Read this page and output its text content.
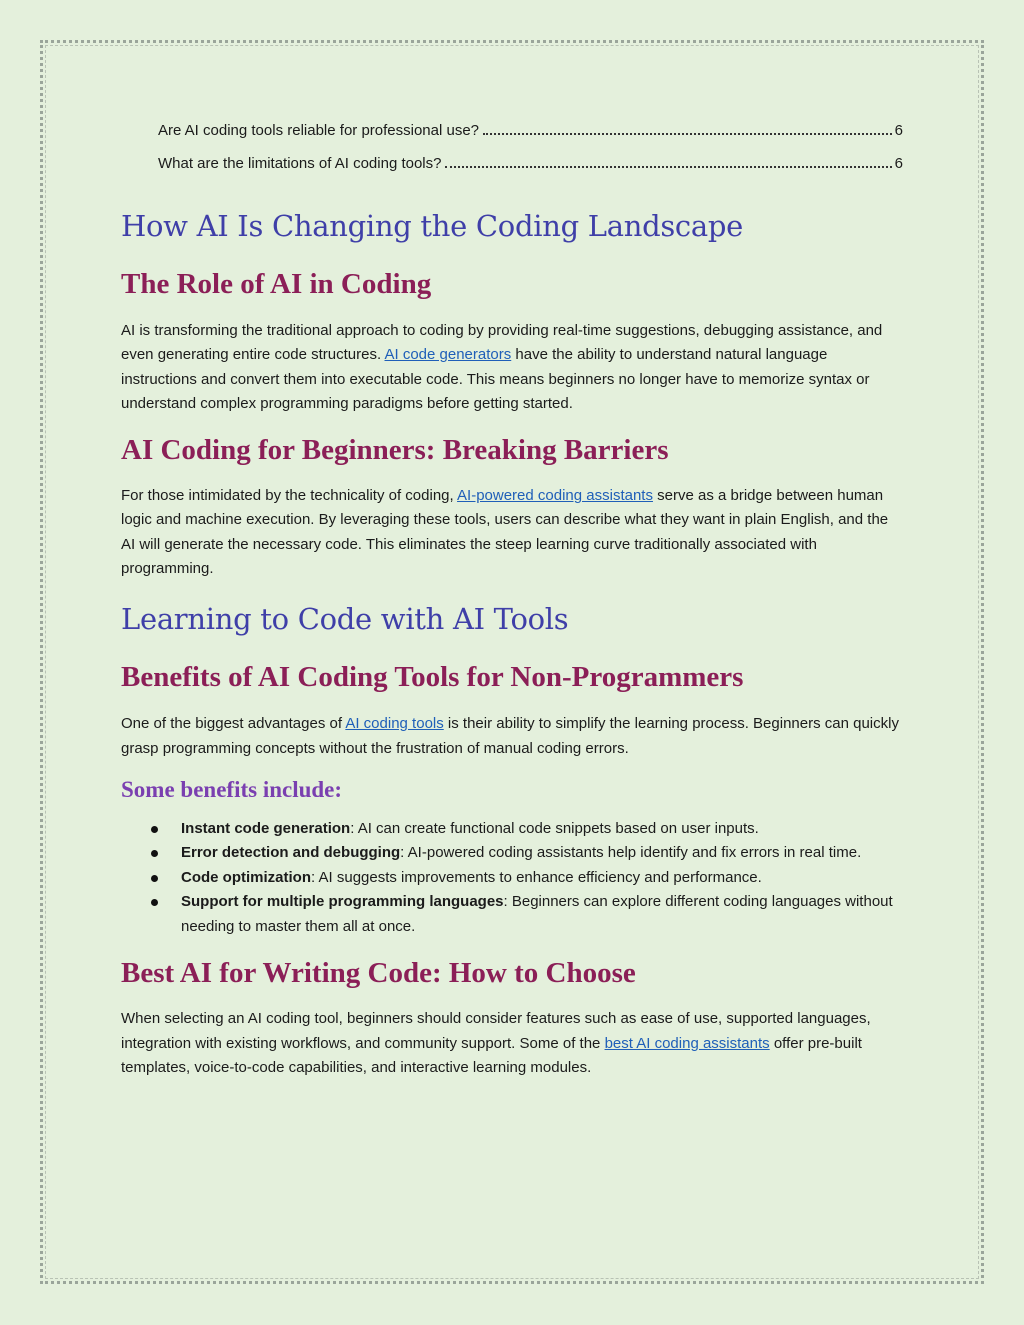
Are AI coding tools reliable for professional use?	6
What are the limitations of AI coding tools?	6
How AI Is Changing the Coding Landscape
The Role of AI in Coding

AI is transforming the traditional approach to coding by providing real-time suggestions, debugging assistance, and even generating entire code structures. AI code generators have the ability to understand natural language instructions and convert them into executable code. This means beginners no longer have to memorize syntax or understand complex programming paradigms before getting started.

AI Coding for Beginners: Breaking Barriers

For those intimidated by the technicality of coding, AI-powered coding assistants serve as a bridge between human logic and machine execution. By leveraging these tools, users can describe what they want in plain English, and the AI will generate the necessary code. This eliminates the steep learning curve traditionally associated with programming.

Learning to Code with AI Tools
Benefits of AI Coding Tools for Non-Programmers

One of the biggest advantages of AI coding tools is their ability to simplify the learning process. Beginners can quickly grasp programming concepts without the frustration of manual coding errors.

Some benefits include:
Instant code generation: AI can create functional code snippets based on user inputs.
Error detection and debugging: AI-powered coding assistants help identify and fix errors in real time.
Code optimization: AI suggests improvements to enhance efficiency and performance.
Support for multiple programming languages: Beginners can explore different coding languages without needing to master them all at once.
Best AI for Writing Code: How to Choose

When selecting an AI coding tool, beginners should consider features such as ease of use, supported languages, integration with existing workflows, and community support. Some of the best AI coding assistants offer pre-built templates, voice-to-code capabilities, and interactive learning modules.
